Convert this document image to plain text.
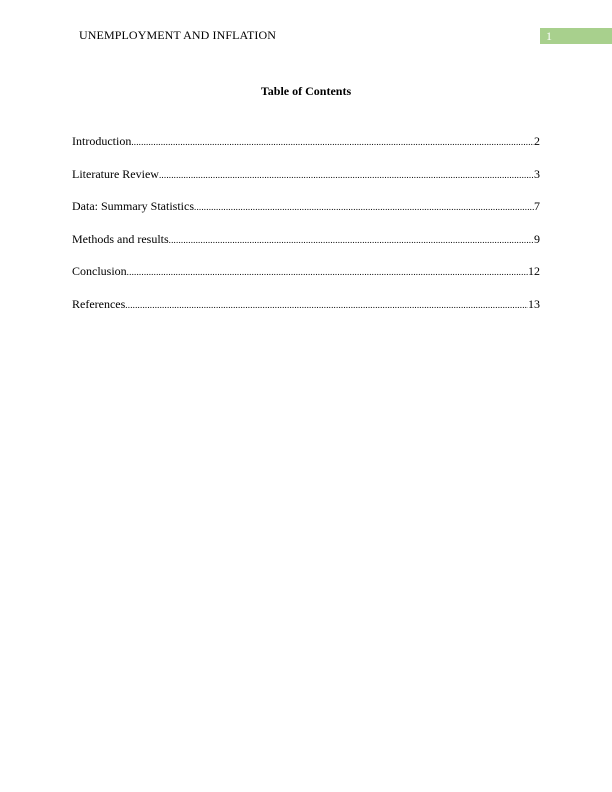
UNEMPLOYMENT AND INFLATION	1
Table of Contents
Introduction .....	2
Literature Review .....	3
Data: Summary Statistics .....	7
Methods and results .....	9
Conclusion .....	12
References .....	13
